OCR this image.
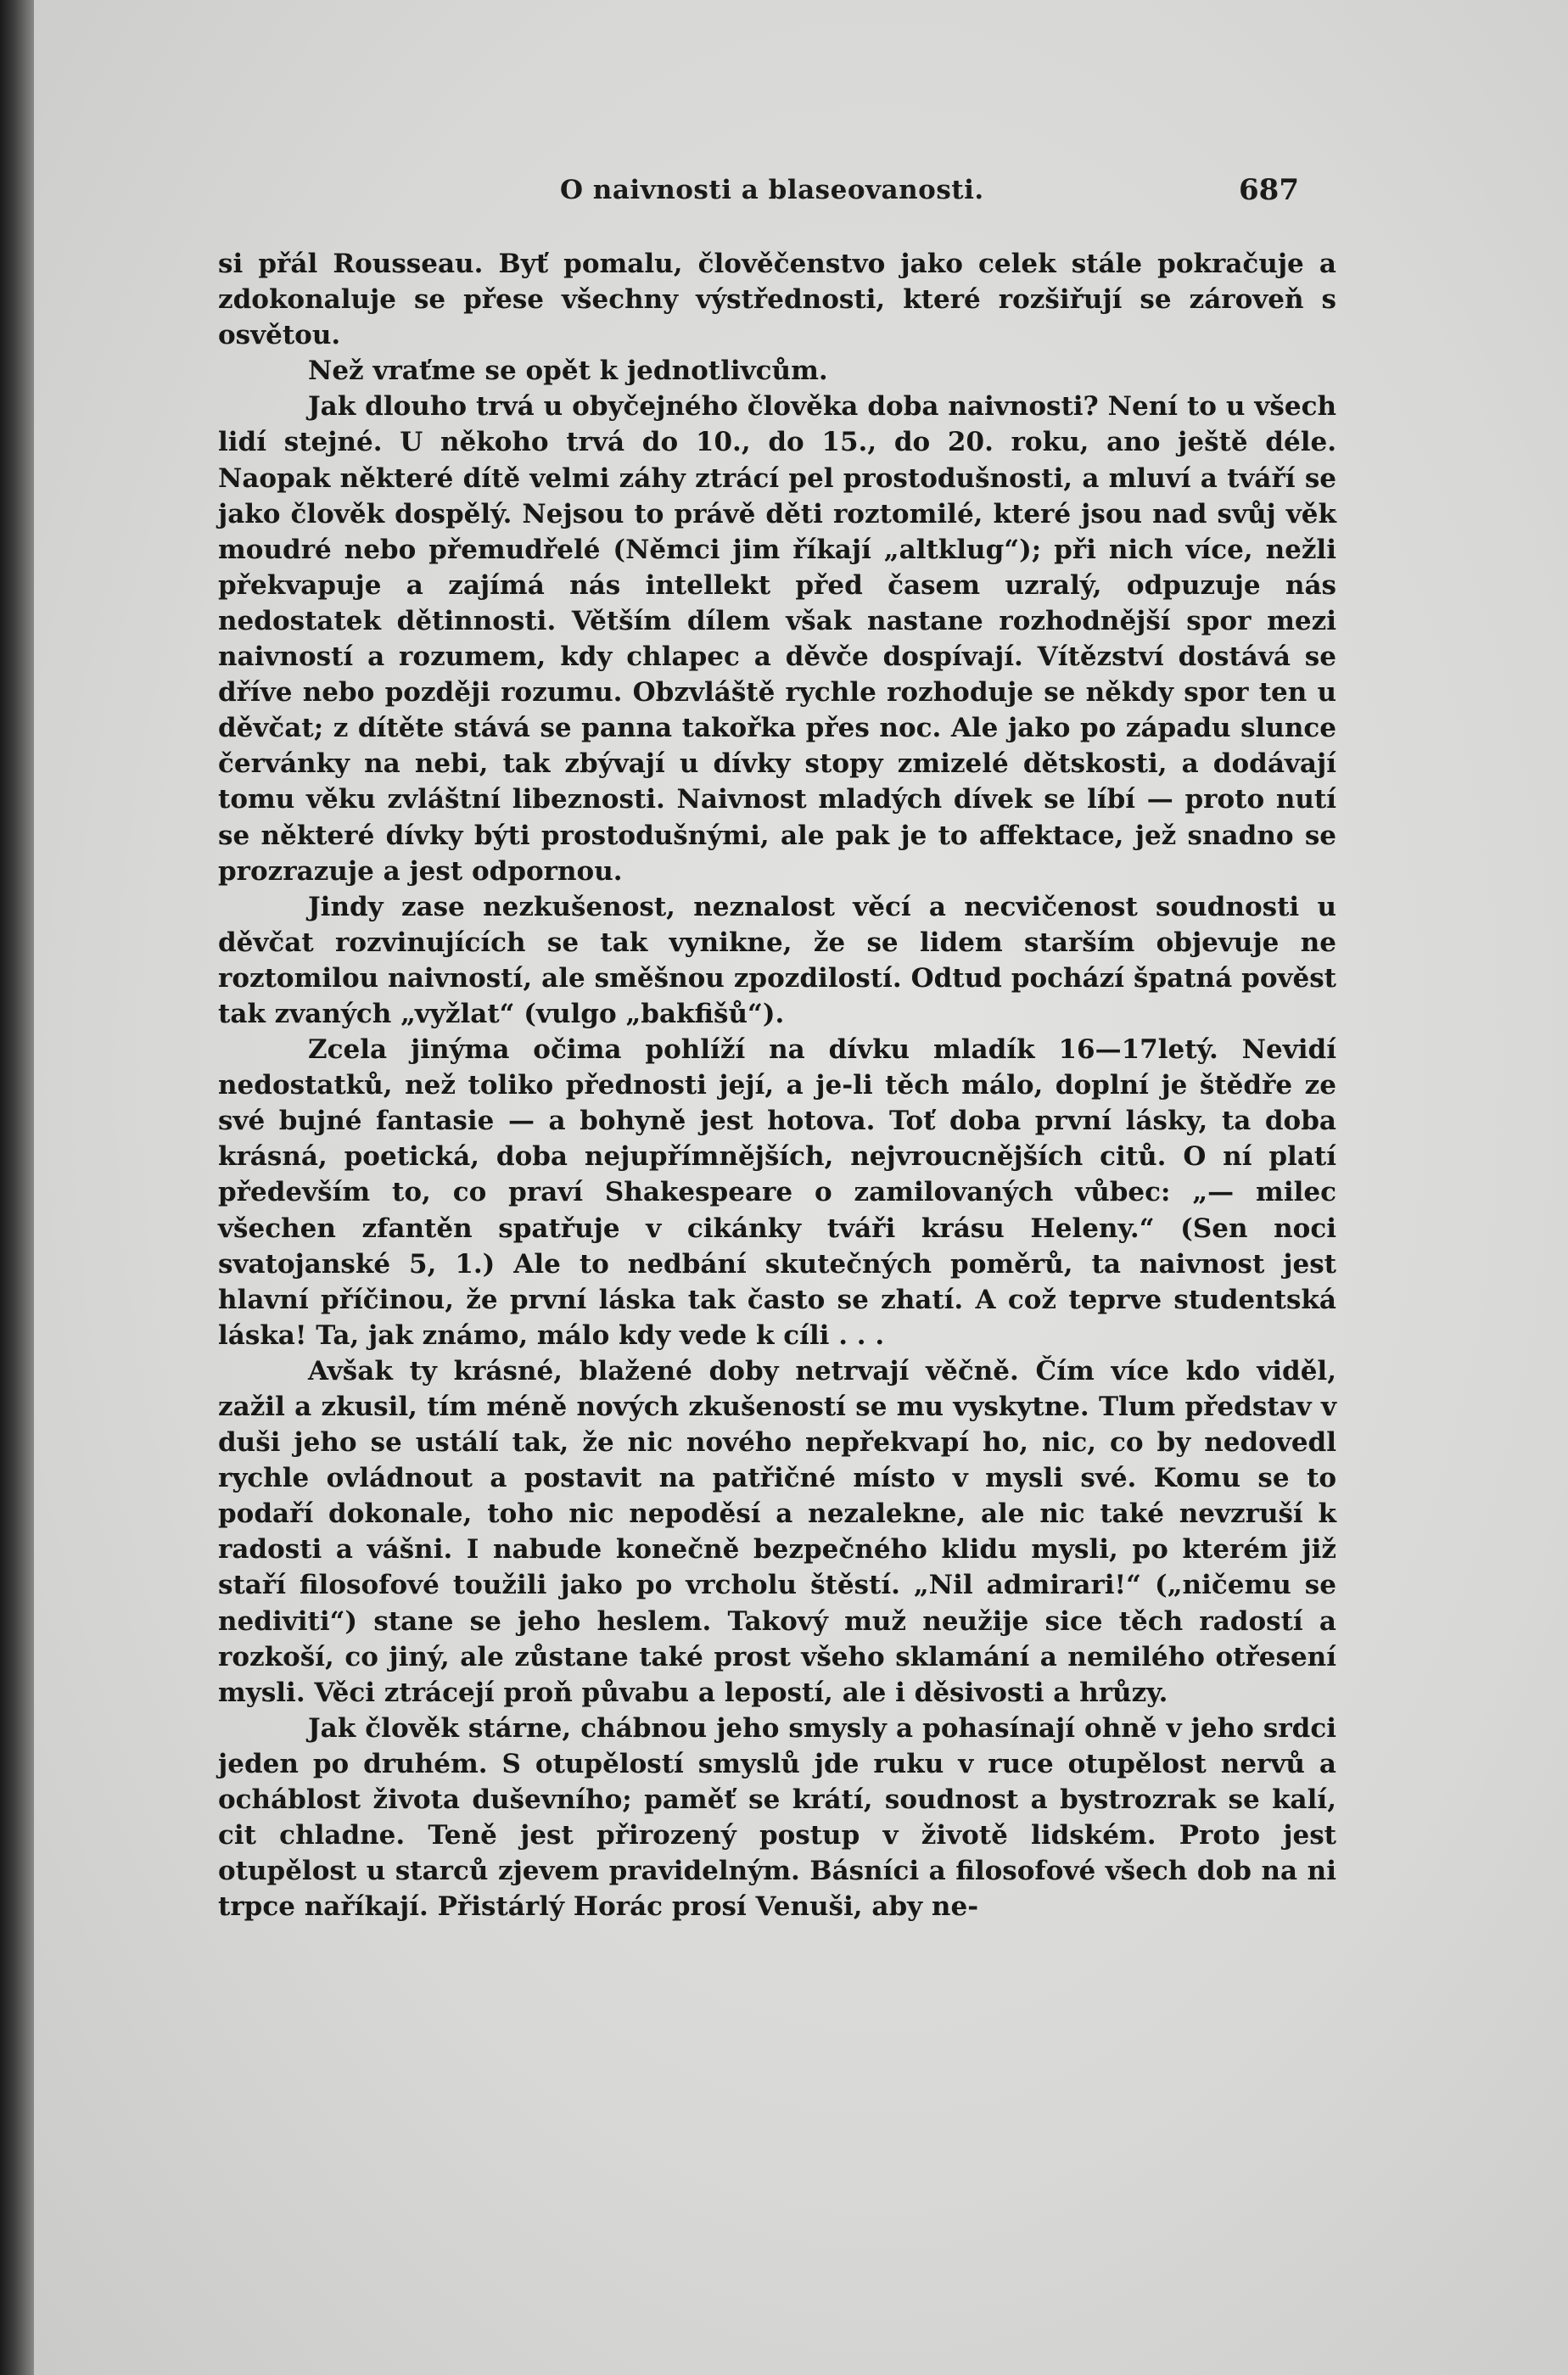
O naivnosti a blaseovanosti.	687

si přál Rousseau. Byť pomalu, člověčenstvo jako celek stále pokračuje a zdokonaluje se přese všechny výstřednosti, které rozšiřují se zároveň s osvětou.

Než vraťme se opět k jednotlivcům.

Jak dlouho trvá u obyčejného člověka doba naivnosti? Není to u všech lidí stejné. U někoho trvá do 10., do 15., do 20. roku, ano ještě déle. Naopak některé dítě velmi záhy ztrácí pel prostodušnosti, a mluví a tváří se jako člověk dospělý. Nejsou to právě děti roztomilé, které jsou nad svůj věk moudré nebo přemudřelé (Němci jim říkají „altklug“); při nich více, nežli překvapuje a zajímá nás intellekt před časem uzralý, odpuzuje nás nedostatek dětinnosti. Větším dílem však nastane rozhodnější spor mezi naivností a rozumem, kdy chlapec a děvče dospívají. Vítězství dostává se dříve nebo později rozumu. Obzvláště rychle rozhoduje se někdy spor ten u děvčat; z dítěte stává se panna takořka přes noc. Ale jako po západu slunce červánky na nebi, tak zbývají u dívky stopy zmizelé dětskosti, a dodávají tomu věku zvláštní libeznosti. Naivnost mladých dívek se líbí — proto nutí se některé dívky býti prostodušnými, ale pak je to affektace, jež snadno se prozrazuje a jest odpornou.

Jindy zase nezkušenost, neznalost věcí a necvičenost soudnosti u děvčat rozvinujících se tak vynikne, že se lidem starším objevuje ne roztomilou naivností, ale směšnou zpozdilostí. Odtud pochází špatná pověst tak zvaných „vyžlat“ (vulgo „bakfišů“).

Zcela jinýma očima pohlíží na dívku mladík 16—17letý. Nevidí nedostatků, než toliko přednosti její, a je-li těch málo, doplní je štědře ze své bujné fantasie — a bohyně jest hotova. Toť doba první lásky, ta doba krásná, poetická, doba nejupřímnějších, nejvroucnějších citů. O ní platí především to, co praví Shakespeare o zamilovaných vůbec: „— milec všechen zfantěn spatřuje v cikánky tváři krásu Heleny.“ (Sen noci svatojanské 5, 1.) Ale to nedbání skutečných poměrů, ta naivnost jest hlavní příčinou, že první láska tak často se zhatí. A což teprve studentská láska! Ta, jak známo, málo kdy vede k cíli . . .

Avšak ty krásné, blažené doby netrvají věčně. Čím více kdo viděl, zažil a zkusil, tím méně nových zkušeností se mu vyskytne. Tlum představ v duši jeho se ustálí tak, že nic nového nepřekvapí ho, nic, co by nedovedl rychle ovládnout a postavit na patřičné místo v mysli své. Komu se to podaří dokonale, toho nic nepoděsí a nezalekne, ale nic také nevzruší k radosti a vášni. I nabude konečně bezpečného klidu mysli, po kterém již staří filosofové toužili jako po vrcholu štěstí. „Nil admirari!“ („ničemu se nediviti“) stane se jeho heslem. Takový muž neužije sice těch radostí a rozkoší, co jiný, ale zůstane také prost všeho sklamání a nemilého otřesení mysli. Věci ztrácejí proň půvabu a lepostí, ale i děsivosti a hrůzy.

Jak člověk stárne, chábnou jeho smysly a pohasínají ohně v jeho srdci jeden po druhém. S otupělostí smyslů jde ruku v ruce otupělost nervů a ocháblost života duševního; paměť se krátí, soudnost a bystrozrak se kalí, cit chladne. Teně jest přirozený postup v životě lidském. Proto jest otupělost u starců zjevem pravidelným. Básníci a filosofové všech dob na ni trpce naříkají. Přistárlý Horác prosí Venuši, aby ne-
